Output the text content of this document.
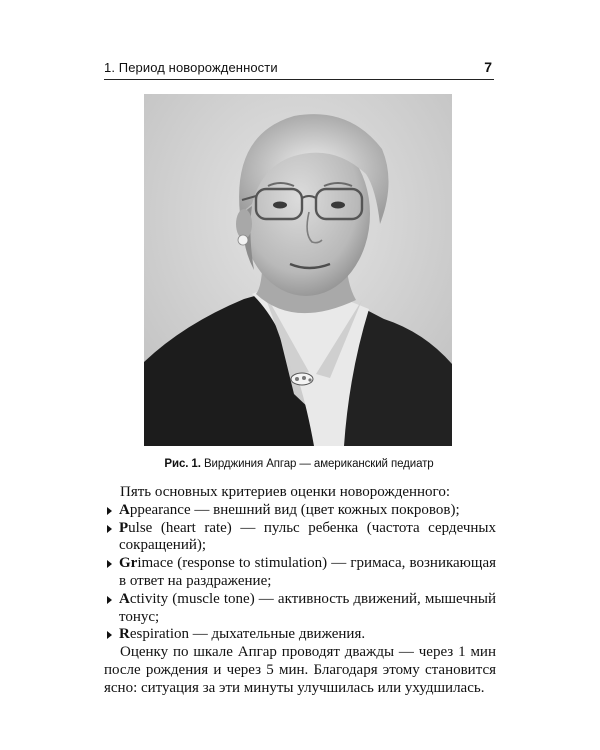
1. Период новорожденности	7
Рис. 1. Вирджиния Апгар — американский педиатр

Пять основных критериев оценки новорожденного:

Appearance — внешний вид (цвет кожных покровов);
Pulse (heart rate) — пульс ребенка (частота сердечных сокращений);
Grimace (response to stimulation) — гримаса, возникающая в ответ на раздражение;
Activity (muscle tone) — активность движений, мышечный тонус;
Respiration — дыхательные движения.

Оценку по шкале Апгар проводят дважды — через 1 мин после рождения и через 5 мин. Благодаря этому становится ясно: ситуация за эти минуты улучшилась или ухудшилась.
